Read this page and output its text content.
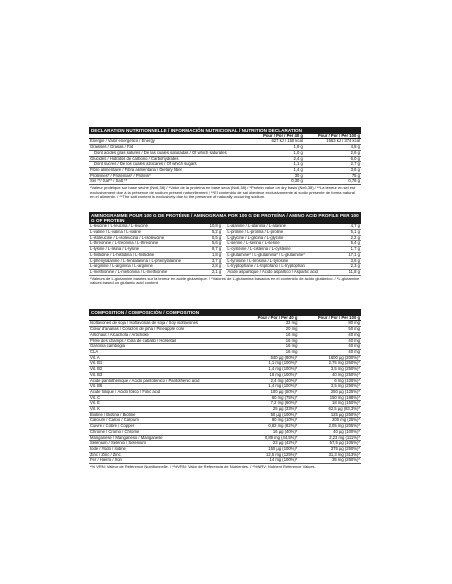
DECLARATION NUTRITIONNELLE / INFORMACIÓN NUTRICIONAL / NUTRITION DECLARATION
	Pour / Por / Per 40 g	Pour / Por / Per 100 g
Energie / Valor energético / Energy	627 kJ / 150 kcal	1563 kJ / 374 kcal
Graisses / Grasas / Fat	1,9 g	4,8 g
Dont acides gras saturés / De las cuales saturadas / Of which saturates	1,0 g	2,6 g
Glucides / Hidratos de carbono / Carbohydrates	2,4 g	6,0 g
Dont sucres / De los cuales azúcares / Of which sugars	1,1 g	2,7 g
Fibre alimentaire / Fibra alimentaria / Dietary fiber	1,4 g	3,6 g
Protéines* / Proteínas* / Protein*	30 g	75 g
Sel **/ Sal** / Salt **	0,30 g	0,76 g
*Valeur protéique sur base sèche (Nx6,38) / *Valor de la proteína en base seca (Nx6,38) / *Protein value on dry basis (Nx6,38) / **La teneur en sel est exclusivement due à la présence de sodium présent naturellement / **El contenido de sal obedece exclusivamente al sodio presente de forma natural en el alimento. / **The salt content is exclusively due to the presence of naturally occurring sodium.
AMINOGRAMME POUR 100 G DE PROTÉINE / AMINOGRAMA POR 100 G DE PROTEÍNA / AMINO ACID PROFILE PER 100 G OF PROTEIN
L-leucine / L-leucina / L-leucine	10,8 g		L-alanine / L-alanina / L-alanine	4,7 g
L-valine / L-valina / L-valine	5,2 g		L-proline / L-prolina / L-proline	5,1 g
L-isoleucine / L-isoleucina / L-isoleucine	5,5 g		L-glycine / L-glicina / L-glycine	2,2 g
L-thréonine / L-treonina / L-threonine	5,6 g		L-sérine / L-serina / L-serine	5,4 g
L-lysine / L-lisina / L-lysine	8,7 g		L-cystéine / L-cisteína / L-cysteine	1,7 g
L-histidine / L-histidina / L-histidine	1,8 g		L-glutamine* / L-glutamina* / L-glutamine*	17,1 g
L-phénylalanine / L-fenilalanina / L-phenylalanine	3,7 g		L-tyrosine / L-tirosina / L-tyrosine	3,6 g
L-arginine / L-arginina / L-arginine	2,8 g		L-tryptophane / L-triptófano / L-tryptophan	2,3 g
L-methionine / L-metionina / L-methionine	2,1 g		Acide aspartique / Ácido aspártico / Aspartic acid	11,8 g
*Valeurs de L-glutamine basées sur la teneur en acide glutamique. / *Valores de L-glutamina basados en el contenido de ácido glutámico. / *L-glutamine values based on glutamic acid content
COMPOSITION / COMPOSICIÓN / COMPOSITION
	Pour / Por / Per 40 g	Pour / Por / Per 100 g
Isoflavones de soja / Isoflavonas de soja / Soy isoflavones	32 mg	80 mg
Cœur d'ananas / Corazón de piña / Pineapple core	20 mg	50 mg
Artichaut / Alcachofa / Artichoke	16 mg	40 mg
Prêle des champs / Cola de caballo / Horsetail	16 mg	40 mg
Garcinia cambogia	16 mg	40 mg
CLA	16 mg	40 mg
Vit. A	640 µg (80%)*	1600 µg (200%)*
Vit. B1	1,1 mg (100%)*	2,75 mg (250%)*
Vit. B2	1,4 mg (100%)*	3,5 mg (250%)*
Vit. B3	16 mg (100%)*	40 mg (250%)*
Acide pantothénique / Ácido pantoténico / Pantothenic acid	2,4 mg (40%)*	6 mg (100%)*
Vit. B6	1,4 mg (100%)*	3,5 mg (250%)*
Acide folique / Ácido fólico / Folic acid	100 µg (50%)*	250 µg (125%)*
Vit. C	60 mg (75%)*	150 mg (188%)*
Vit. E	7,2 mg (60%)*	18 mg (150%)*
Vit. K	25 µg (33%)*	62,5 µg (83,3%)*
Biotine / Biotina / Biotine	50 µg (100%)*	125 µg (250%)*
Calcium / Calcio / Calcium	80 mg (10%)*	200 mg (25%)*
Cuivre / Cobre / Copper	0,82 mg (82%)*	2,05 mg (205%)*
Chrome / Cromo / Chrome	16 µg (40%)*	40 µg (100%)*
Manganèse / Manganeso / Manganese	0,89 mg (44,5%)*	2,23 mg (111%)*
Sélénium / Selenio / Selenium	23 µg (42%)*	57,5 µg (105%)*
Iode / Yodo / Iodine	150 µg (100%)*	375 µg (250%)*
Zinc / Zinc / Zinc	12,5 mg (125%)*	31,3 mg (313%)*
Fer / Hierro / Iron	14 mg (100%)*	35 mg (250%)*
*% VRN: Valeur de Référence Nutritionnelle. / *%VRN: Valor de Referencia de Nutrientes. / *%NRV: Nutrient Reference Values.
